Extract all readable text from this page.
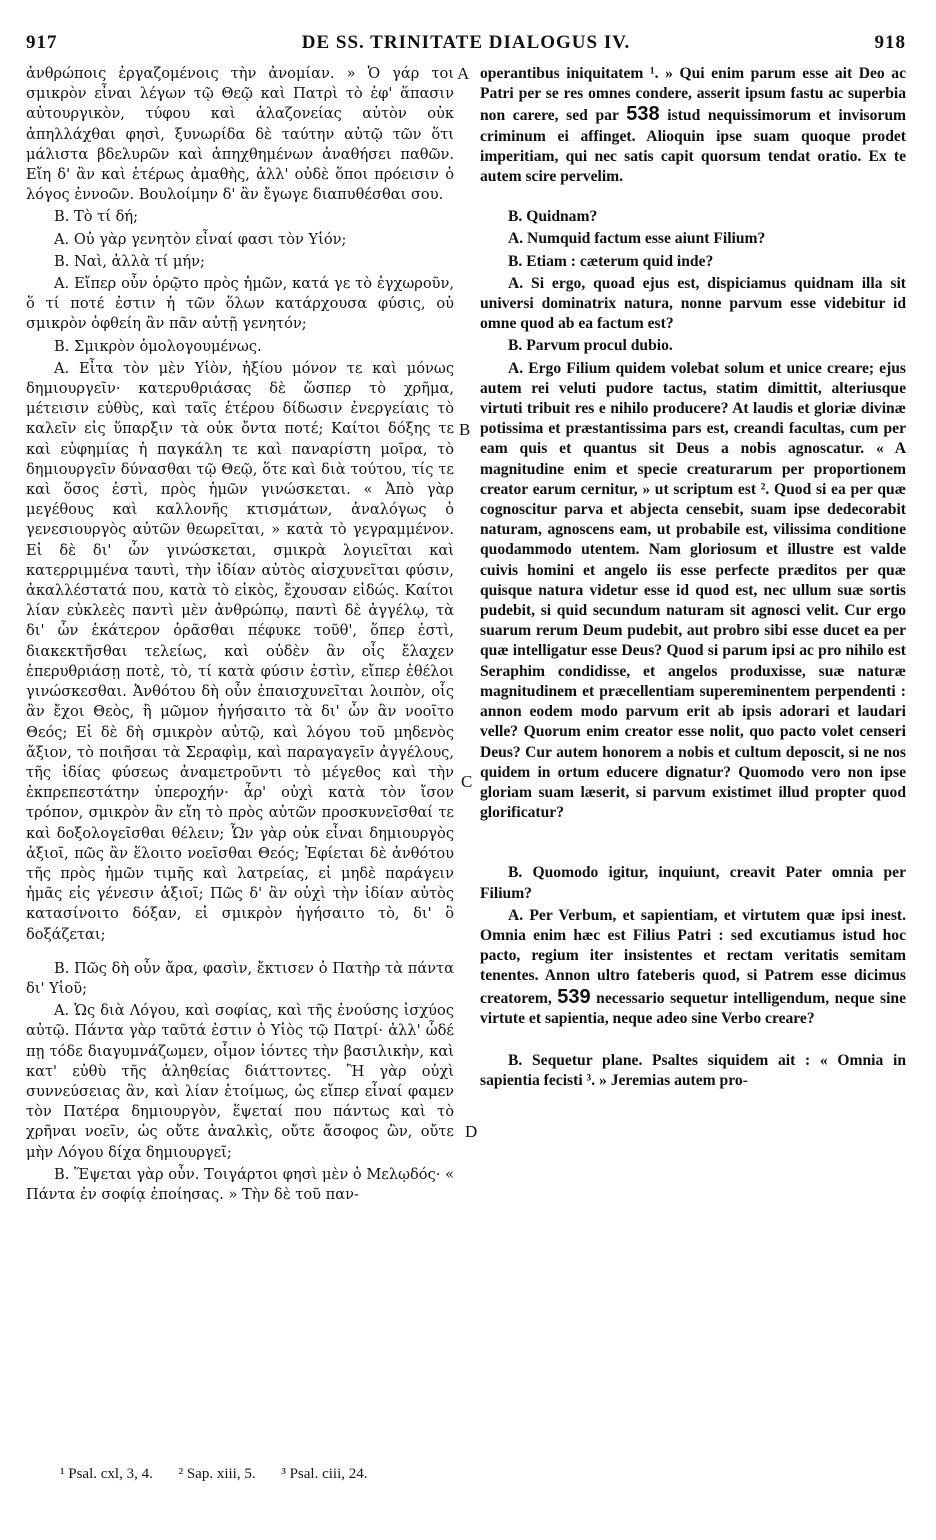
917	DE SS. TRINITATE DIALOGUS IV.	918
A
B
C
D

ἀνθρώποις ἐργαζομένοις τὴν ἀνομίαν. » Ὁ γάρ τοι σμικρὸν εἶναι λέγων τῷ Θεῷ καὶ Πατρὶ τὸ ἐφ' ἅπασιν αὐτουργικὸν, τύφου καὶ ἀλαζονείας αὐτὸν οὐκ ἀπηλλάχθαι φησὶ, ξυνωρίδα δὲ ταύτην αὐτῷ τῶν ὅτι μάλιστα βδελυρῶν καὶ ἀπηχθημένων ἀναθήσει παθῶν. Εἴη δ' ἂν καὶ ἑτέρως ἀμαθὴς, ἀλλ' οὐδὲ ὅποι πρόεισιν ὁ λόγος ἐννοῶν. Βουλοίμην δ' ἂν ἔγωγε διαπυθέσθαι σου.

Β. Τὸ τί δή;

Α. Οὐ γὰρ γενητὸν εἶναί φασι τὸν Υἱόν;

Β. Ναὶ, ἀλλὰ τί μήν;

Α. Εἴπερ οὖν ὁρῷτο πρὸς ἡμῶν, κατά γε τὸ ἐγχωροῦν, ὅ τί ποτέ ἐστιν ἡ τῶν ὅλων κατάρχουσα φύσις, οὐ σμικρὸν ὀφθείη ἂν πᾶν αὐτῇ γενητόν;

Β. Σμικρὸν ὁμολογουμένως.

Α. Εἶτα τὸν μὲν Υἱὸν, ἠξίου μόνον τε καὶ μόνως δημιουργεῖν· κατερυθριάσας δὲ ὥσπερ τὸ χρῆμα, μέτεισιν εὐθὺς, καὶ ταῖς ἑτέρου δίδωσιν ἐνεργείαις τὸ καλεῖν εἰς ὕπαρξιν τὰ οὐκ ὄντα ποτέ; Καίτοι δόξης τε καὶ εὐφημίας ἡ παγκάλη τε καὶ παναρίστη μοῖρα, τὸ δημιουργεῖν δύνασθαι τῷ Θεῷ, ὅτε καὶ διὰ τούτου, τίς τε καὶ ὅσος ἐστὶ, πρὸς ἡμῶν γινώσκεται. « Ἀπὸ γὰρ μεγέθους καὶ καλλονῆς κτισμάτων, ἀναλόγως ὁ γενεσιουργὸς αὐτῶν θεωρεῖται, » κατὰ τὸ γεγραμμένον. Εἰ δὲ δι' ὧν γινώσκεται, σμικρὰ λογιεῖται καὶ κατερριμμένα ταυτὶ, τὴν ἰδίαν αὐτὸς αἰσχυνεῖται φύσιν, ἀκαλλέστατά που, κατὰ τὸ εἰκὸς, ἔχουσαν εἰδώς. Καίτοι λίαν εὐκλεὲς παντὶ μὲν ἀνθρώπῳ, παντὶ δὲ ἀγγέλῳ, τὰ δι' ὧν ἑκάτερον ὁρᾶσθαι πέφυκε τοῦθ', ὅπερ ἐστὶ, διακεκτῆσθαι τελείως, καὶ οὐδὲν ἂν οἷς ἔλαχεν ἐπερυθριάσῃ ποτὲ, τὸ, τί κατὰ φύσιν ἐστὶν, εἴπερ ἐθέλοι γινώσκεσθαι. Ἀνθότου δὴ οὖν ἐπαισχυνεῖται λοιπὸν, οἷς ἂν ἔχοι Θεὸς, ἢ μῶμον ἡγήσαιτο τὰ δι' ὧν ἂν νοοῖτο Θεός; Εἰ δὲ δὴ σμικρὸν αὐτῷ, καὶ λόγου τοῦ μηδενὸς ἄξιον, τὸ ποιῆσαι τὰ Σεραφὶμ, καὶ παραγαγεῖν ἀγγέλους, τῆς ἰδίας φύσεως ἀναμετροῦντι τὸ μέγεθος καὶ τὴν ἐκπρεπεστάτην ὑπεροχήν· ἆρ' οὐχὶ κατὰ τὸν ἴσον τρόπον, σμικρὸν ἂν εἴη τὸ πρὸς αὐτῶν προσκυνεῖσθαί τε καὶ δοξολογεῖσθαι θέλειν; Ὧν γὰρ οὐκ εἶναι δημιουργὸς ἀξιοῖ, πῶς ἂν ἕλοιτο νοεῖσθαι Θεός; Ἐφίεται δὲ ἀνθότου τῆς πρὸς ἡμῶν τιμῆς καὶ λατρείας, εἰ μηδὲ παράγειν ἡμᾶς εἰς γένεσιν ἀξιοῖ; Πῶς δ' ἂν οὐχὶ τὴν ἰδίαν αὐτὸς κατασίνοιτο δόξαν, εἰ σμικρὸν ἡγήσαιτο τὸ, δι' ὃ δοξάζεται;

Β. Πῶς δὴ οὖν ἄρα, φασὶν, ἔκτισεν ὁ Πατὴρ τὰ πάντα δι' Υἱοῦ;

Α. Ὡς διὰ Λόγου, καὶ σοφίας, καὶ τῆς ἐνούσης ἰσχύος αὐτῷ. Πάντα γὰρ ταῦτά ἐστιν ὁ Υἱὸς τῷ Πατρί· ἀλλ' ὧδέ πῃ τόδε διαγυμνάζωμεν, οἷμον ἰόντες τὴν βασιλικὴν, καὶ κατ' εὐθὺ τῆς ἀληθείας διάττοντες. Ἢ γὰρ οὐχὶ συννεύσειας ἂν, καὶ λίαν ἑτοίμως, ὡς εἴπερ εἶναί φαμεν τὸν Πατέρα δημιουργὸν, ἕψεταί που πάντως καὶ τὸ χρῆναι νοεῖν, ὡς οὔτε ἀναλκὶς, οὔτε ἄσοφος ὢν, οὔτε μὴν Λόγου δίχα δημιουργεῖ;

Β. Ἕψεται γὰρ οὖν. Τοιγάρτοι φησὶ μὲν ὁ Μελῳδός· « Πάντα ἐν σοφίᾳ ἐποίησας. » Τὴν δὲ τοῦ παν-

operantibus iniquitatem ¹. » Qui enim parum esse ait Deo ac Patri per se res omnes condere, asserit ipsum fastu ac superbia non carere, sed par 538 istud nequissimorum et invisorum criminum ei affinget. Alioquin ipse suam quoque prodet imperitiam, qui nec satis capit quorsum tendat oratio. Ex te autem scire pervelim.

B. Quidnam?

A. Numquid factum esse aiunt Filium?

B. Etiam : cæterum quid inde?

A. Si ergo, quoad ejus est, dispiciamus quidnam illa sit universi dominatrix natura, nonne parvum esse videbitur id omne quod ab ea factum est?

B. Parvum procul dubio.

A. Ergo Filium quidem volebat solum et unice creare; ejus autem rei veluti pudore tactus, statim dimittit, alteriusque virtuti tribuit res e nihilo producere? At laudis et gloriæ divinæ potissima et præstantissima pars est, creandi facultas, cum per eam quis et quantus sit Deus a nobis agnoscatur. « A magnitudine enim et specie creaturarum per proportionem creator earum cernitur, » ut scriptum est ². Quod si ea per quæ cognoscitur parva et abjecta censebit, suam ipse dedecorabit naturam, agnoscens eam, ut probabile est, vilissima conditione quodammodo utentem. Nam gloriosum et illustre est valde cuivis homini et angelo iis esse perfecte præditos per quæ quisque natura videtur esse id quod est, nec ullum suæ sortis pudebit, si quid secundum naturam sit agnosci velit. Cur ergo suarum rerum Deum pudebit, aut probro sibi esse ducet ea per quæ intelligatur esse Deus? Quod si parum ipsi ac pro nihilo est Seraphim condidisse, et angelos produxisse, suæ naturæ magnitudinem et præcellentiam supereminentem perpendenti : annon eodem modo parvum erit ab ipsis adorari et laudari velle? Quorum enim creator esse nolit, quo pacto volet censeri Deus? Cur autem honorem a nobis et cultum deposcit, si ne nos quidem in ortum educere dignatur? Quomodo vero non ipse gloriam suam læserit, si parvum existimet illud propter quod glorificatur?

B. Quomodo igitur, inquiunt, creavit Pater omnia per Filium?

A. Per Verbum, et sapientiam, et virtutem quæ ipsi inest. Omnia enim hæc est Filius Patri : sed excutiamus istud hoc pacto, regium iter insistentes et rectam veritatis semitam tenentes. Annon ultro fateberis quod, si Patrem esse dicimus creatorem, 539 necessario sequetur intelligendum, neque sine virtute et sapientia, neque adeo sine Verbo creare?

B. Sequetur plane. Psaltes siquidem ait : « Omnia in sapientia fecisti ³. » Jeremias autem pro-

¹ Psal. cxl, 3, 4. ² Sap. xiii, 5. ³ Psal. ciii, 24.
